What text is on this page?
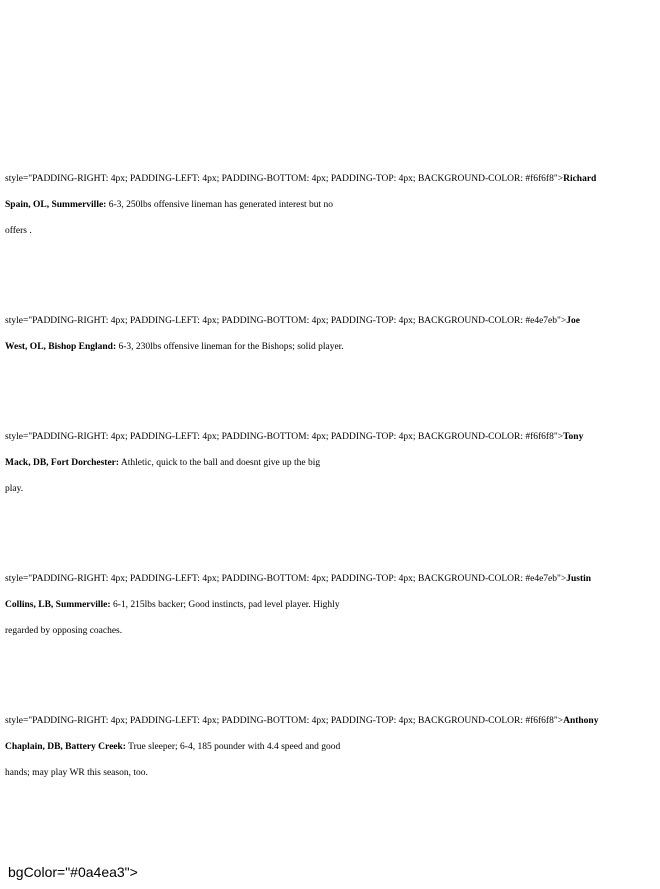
style="PADDING-RIGHT: 4px; PADDING-LEFT: 4px; PADDING-BOTTOM: 4px; PADDING-TOP: 4px; BACKGROUND-COLOR: #f6f6f8">Richard
Spain, OL, Summerville: 6-3, 250lbs offensive lineman has generated interest but no
offers .
style="PADDING-RIGHT: 4px; PADDING-LEFT: 4px; PADDING-BOTTOM: 4px; PADDING-TOP: 4px; BACKGROUND-COLOR: #e4e7eb">Joe
West, OL, Bishop England: 6-3, 230lbs offensive lineman for the Bishops; solid player.
style="PADDING-RIGHT: 4px; PADDING-LEFT: 4px; PADDING-BOTTOM: 4px; PADDING-TOP: 4px; BACKGROUND-COLOR: #f6f6f8">Tony
Mack, DB, Fort Dorchester: Athletic, quick to the ball and doesnt give up the big
play.
style="PADDING-RIGHT: 4px; PADDING-LEFT: 4px; PADDING-BOTTOM: 4px; PADDING-TOP: 4px; BACKGROUND-COLOR: #e4e7eb">Justin
Collins, LB, Summerville: 6-1, 215lbs backer; Good instincts, pad level player. Highly
regarded by opposing coaches.
style="PADDING-RIGHT: 4px; PADDING-LEFT: 4px; PADDING-BOTTOM: 4px; PADDING-TOP: 4px; BACKGROUND-COLOR: #f6f6f8">Anthony
Chaplain, DB, Battery Creek: True sleeper; 6-4, 185 pounder with 4.4 speed and good
hands; may play WR this season, too.
bgColor="#0a4ea3">
